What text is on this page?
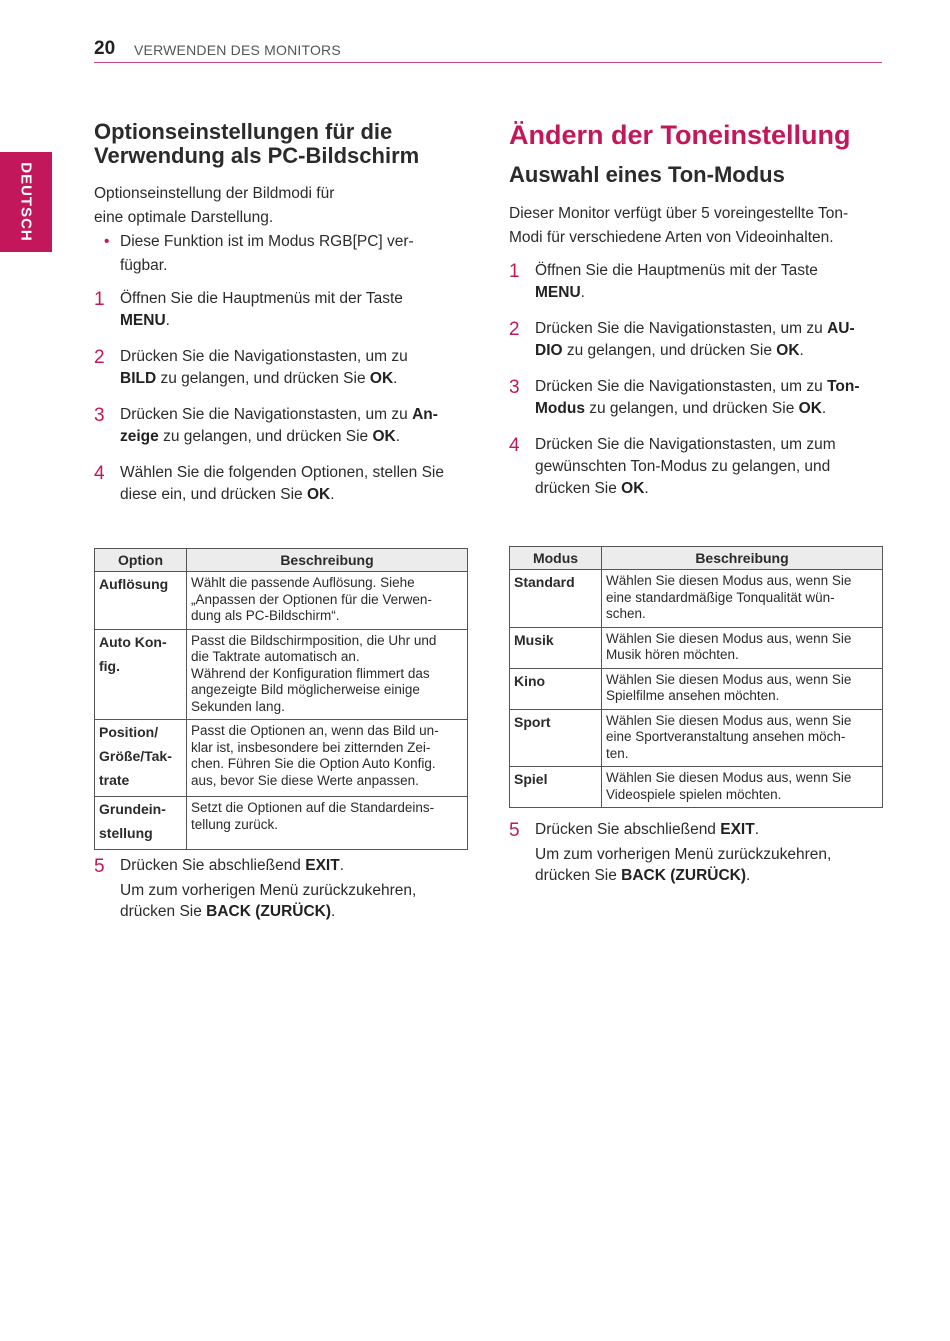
20 VERWENDEN DES MONITORS
DEUTSCH
Optionseinstellungen für die
Verwendung als PC-Bildschirm

Optionseinstellung der Bildmodi für
eine optimale Darstellung.

• Diese Funktion ist im Modus RGB[PC] ver-
fügbar.
1 Öffnen Sie die Hauptmenüs mit der Taste
MENU.
2 Drücken Sie die Navigationstasten, um zu
BILD zu gelangen, und drücken Sie OK.
3 Drücken Sie die Navigationstasten, um zu An-
zeige zu gelangen, und drücken Sie OK.
4 Wählen Sie die folgenden Optionen, stellen Sie
diese ein, und drücken Sie OK.
Option	Beschreibung
Auflösung	Wählt die passende Auflösung. Siehe
„Anpassen der Optionen für die Verwen-
dung als PC-Bildschirm“.
Auto Kon-
fig.	Passt die Bildschirmposition, die Uhr und
die Taktrate automatisch an.
Während der Konfiguration flimmert das
angezeigte Bild möglicherweise einige
Sekunden lang.
Position/
Größe/Tak-
trate	Passt die Optionen an, wenn das Bild un-
klar ist, insbesondere bei zitternden Zei-
chen. Führen Sie die Option Auto Konfig.
aus, bevor Sie diese Werte anpassen.
Grundein-
stellung	Setzt die Optionen auf die Standardeins-
tellung zurück.
5 Drücken Sie abschließend EXIT.
Um zum vorherigen Menü zurückzukehren,
drücken Sie BACK (ZURÜCK).
Ändern der Toneinstellung
Auswahl eines Ton-Modus

Dieser Monitor verfügt über 5 voreingestellte Ton-
Modi für verschiedene Arten von Videoinhalten.

1 Öffnen Sie die Hauptmenüs mit der Taste
MENU.
2 Drücken Sie die Navigationstasten, um zu AU-
DIO zu gelangen, und drücken Sie OK.
3 Drücken Sie die Navigationstasten, um zu Ton-
Modus zu gelangen, und drücken Sie OK.
4 Drücken Sie die Navigationstasten, um zum
gewünschten Ton-Modus zu gelangen, und
drücken Sie OK.
Modus	Beschreibung
Standard	Wählen Sie diesen Modus aus, wenn Sie
eine standardmäßige Tonqualität wün-
schen.
Musik	Wählen Sie diesen Modus aus, wenn Sie
Musik hören möchten.
Kino	Wählen Sie diesen Modus aus, wenn Sie
Spielfilme ansehen möchten.
Sport	Wählen Sie diesen Modus aus, wenn Sie
eine Sportveranstaltung ansehen möch-
ten.
Spiel	Wählen Sie diesen Modus aus, wenn Sie
Videospiele spielen möchten.
5 Drücken Sie abschließend EXIT.
Um zum vorherigen Menü zurückzukehren,
drücken Sie BACK (ZURÜCK).
